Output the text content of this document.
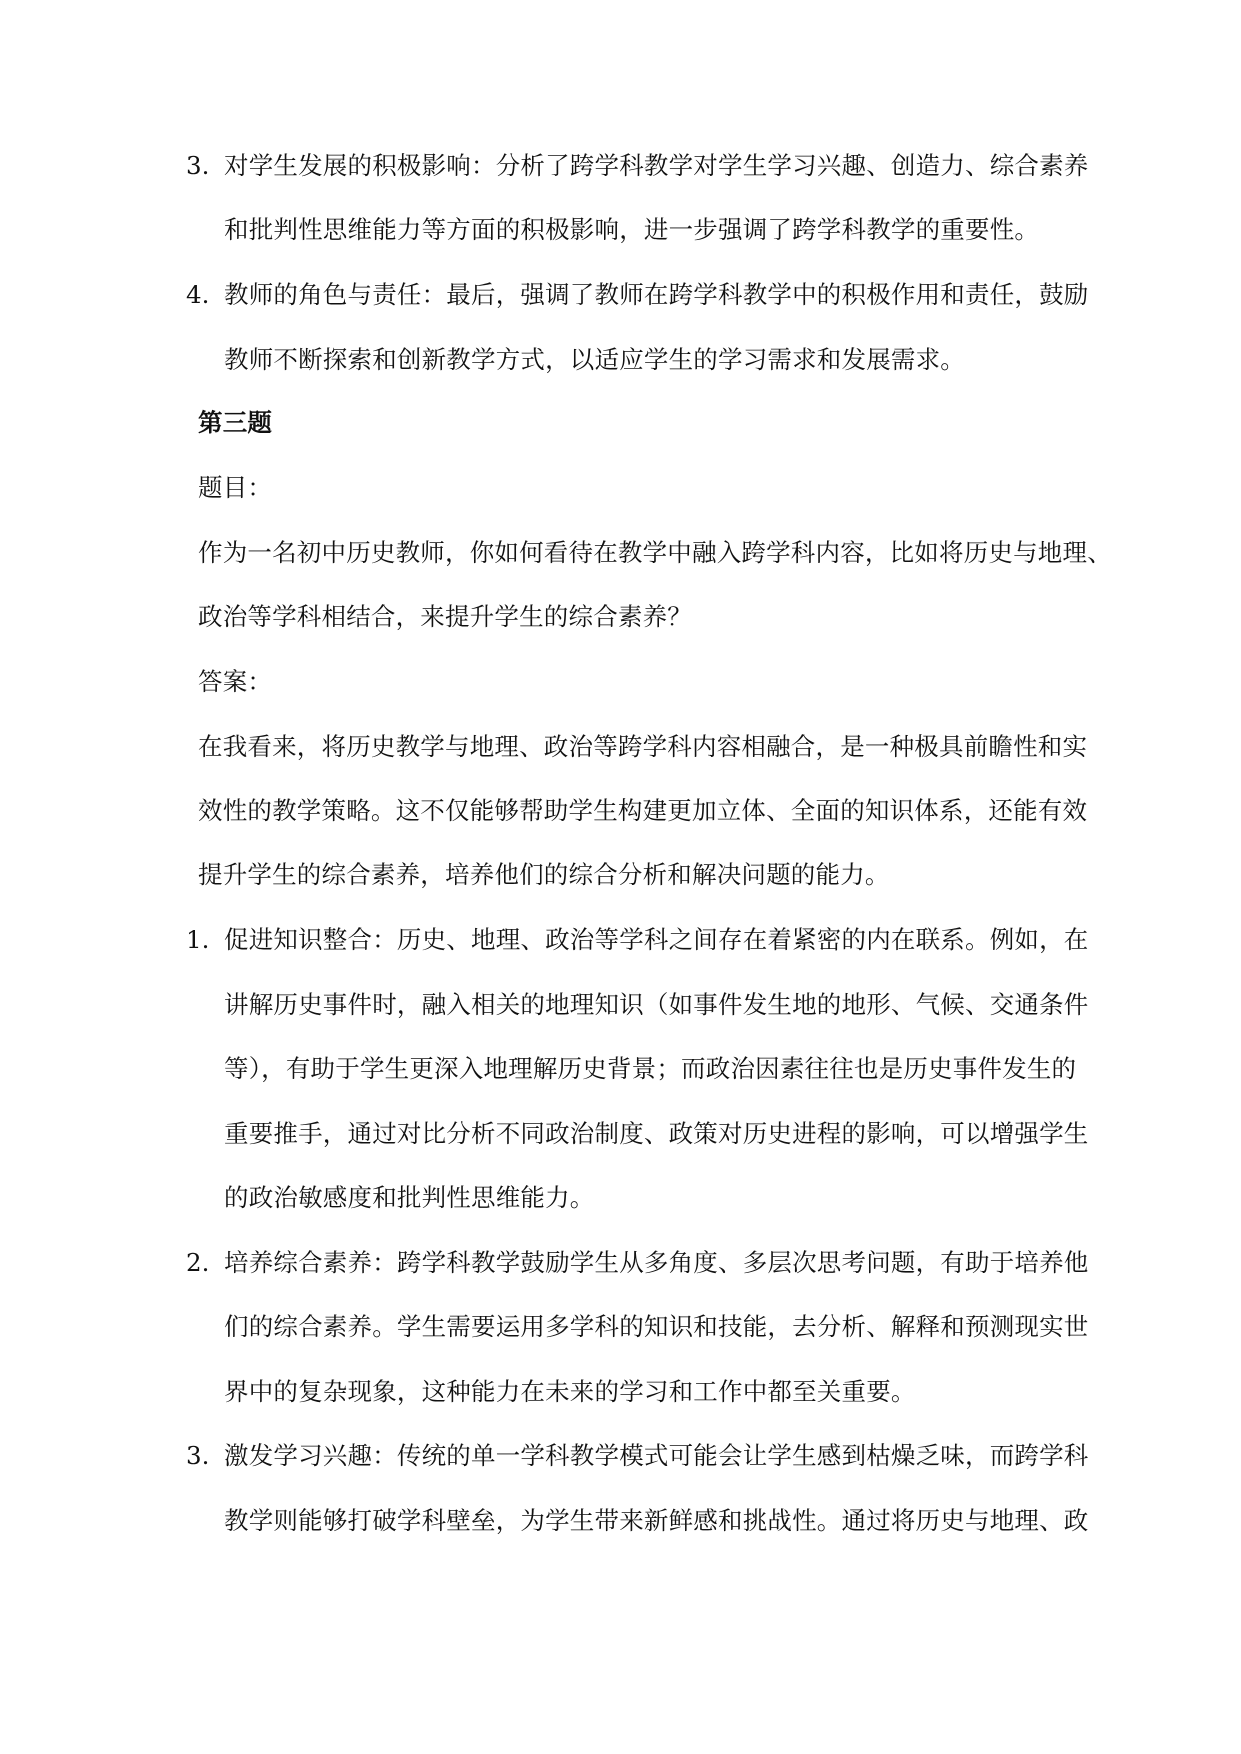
3. 对学生发展的积极影响：分析了跨学科教学对学生学习兴趣、创造力、综合素养
和批判性思维能力等方面的积极影响，进一步强调了跨学科教学的重要性。
4. 教师的角色与责任：最后，强调了教师在跨学科教学中的积极作用和责任，鼓励
教师不断探索和创新教学方式，以适应学生的学习需求和发展需求。
第三题
题目：
作为一名初中历史教师，你如何看待在教学中融入跨学科内容，比如将历史与地理、
政治等学科相结合，来提升学生的综合素养？
答案：
在我看来，将历史教学与地理、政治等跨学科内容相融合，是一种极具前瞻性和实
效性的教学策略。这不仅能够帮助学生构建更加立体、全面的知识体系，还能有效
提升学生的综合素养，培养他们的综合分析和解决问题的能力。
1. 促进知识整合：历史、地理、政治等学科之间存在着紧密的内在联系。例如，在
讲解历史事件时，融入相关的地理知识（如事件发生地的地形、气候、交通条件
等），有助于学生更深入地理解历史背景；而政治因素往往也是历史事件发生的
重要推手，通过对比分析不同政治制度、政策对历史进程的影响，可以增强学生
的政治敏感度和批判性思维能力。
2. 培养综合素养：跨学科教学鼓励学生从多角度、多层次思考问题，有助于培养他
们的综合素养。学生需要运用多学科的知识和技能，去分析、解释和预测现实世
界中的复杂现象，这种能力在未来的学习和工作中都至关重要。
3. 激发学习兴趣：传统的单一学科教学模式可能会让学生感到枯燥乏味，而跨学科
教学则能够打破学科壁垒，为学生带来新鲜感和挑战性。通过将历史与地理、政
